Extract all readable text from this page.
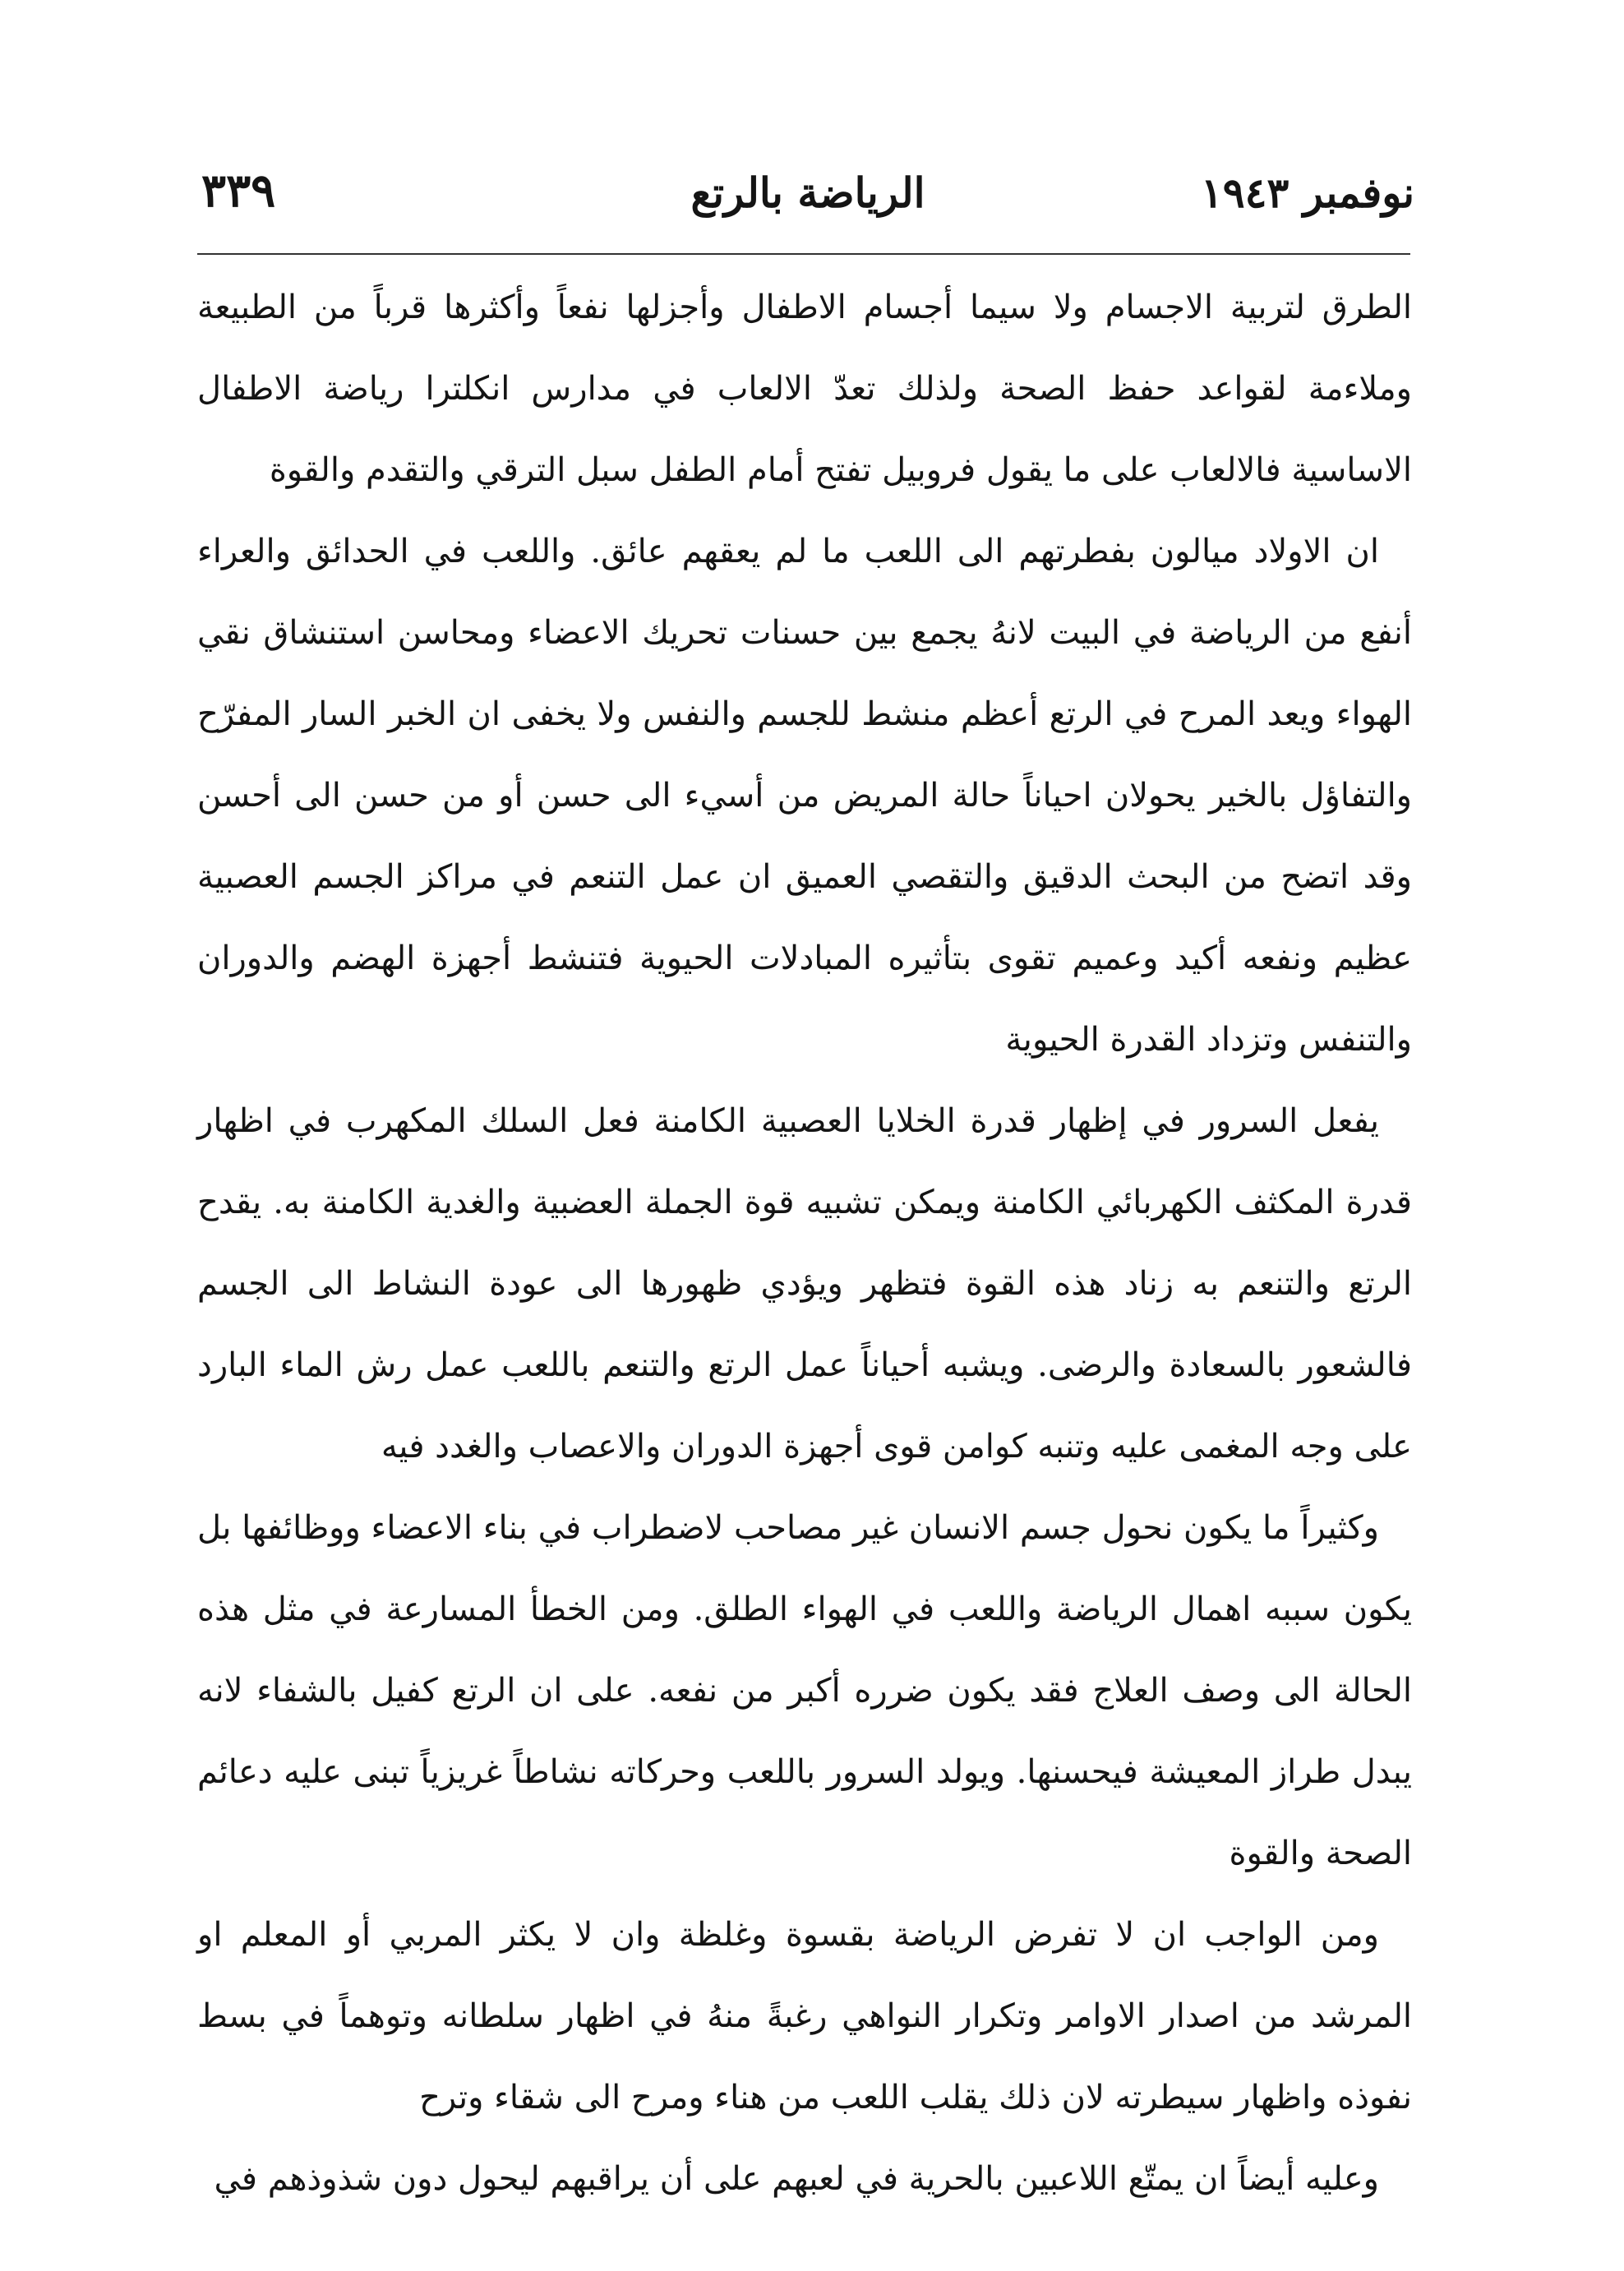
نوفمبر ١٩٤٣
الرياضة بالرتع
٣٣٩

الطرق لتربية الاجسام ولا سيما أجسام الاطفال وأجزلها نفعاً وأكثرها قرباً من الطبيعة وملاءمة لقواعد حفظ الصحة ولذلك تعدّ الالعاب في مدارس انكلترا رياضة الاطفال الاساسية فالالعاب على ما يقول فروبيل تفتح أمام الطفل سبل الترقي والتقدم والقوة

ان الاولاد ميالون بفطرتهم الى اللعب ما لم يعقهم عائق. واللعب في الحدائق والعراء أنفع من الرياضة في البيت لانهُ يجمع بين حسنات تحريك الاعضاء ومحاسن استنشاق نقي الهواء ويعد المرح في الرتع أعظم منشط للجسم والنفس ولا يخفى ان الخبر السار المفرّح والتفاؤل بالخير يحولان احياناً حالة المريض من أسيء الى حسن أو من حسن الى أحسن وقد اتضح من البحث الدقيق والتقصي العميق ان عمل التنعم في مراكز الجسم العصبية عظيم ونفعه أكيد وعميم تقوى بتأثيره المبادلات الحيوية فتنشط أجهزة الهضم والدوران والتنفس وتزداد القدرة الحيوية

يفعل السرور في إظهار قدرة الخلايا العصبية الكامنة فعل السلك المكهرب في اظهار قدرة المكثف الكهربائي الكامنة ويمكن تشبيه قوة الجملة العضبية والغدية الكامنة به. يقدح الرتع والتنعم به زناد هذه القوة فتظهر ويؤدي ظهورها الى عودة النشاط الى الجسم فالشعور بالسعادة والرضى. ويشبه أحياناً عمل الرتع والتنعم باللعب عمل رش الماء البارد على وجه المغمى عليه وتنبه كوامن قوى أجهزة الدوران والاعصاب والغدد فيه

وكثيراً ما يكون نحول جسم الانسان غير مصاحب لاضطراب في بناء الاعضاء ووظائفها بل يكون سببه اهمال الرياضة واللعب في الهواء الطلق. ومن الخطأ المسارعة في مثل هذه الحالة الى وصف العلاج فقد يكون ضرره أكبر من نفعه. على ان الرتع كفيل بالشفاء لانه يبدل طراز المعيشة فيحسنها. ويولد السرور باللعب وحركاته نشاطاً غريزياً تبنى عليه دعائم الصحة والقوة

ومن الواجب ان لا تفرض الرياضة بقسوة وغلظة وان لا يكثر المربي أو المعلم او المرشد من اصدار الاوامر وتكرار النواهي رغبةً منهُ في اظهار سلطانه وتوهماً في بسط نفوذه واظهار سيطرته لان ذلك يقلب اللعب من هناء ومرح الى شقاء وترح

وعليه أيضاً ان يمتّع اللاعبين بالحرية في لعبهم على أن يراقبهم ليحول دون شذوذهم في
